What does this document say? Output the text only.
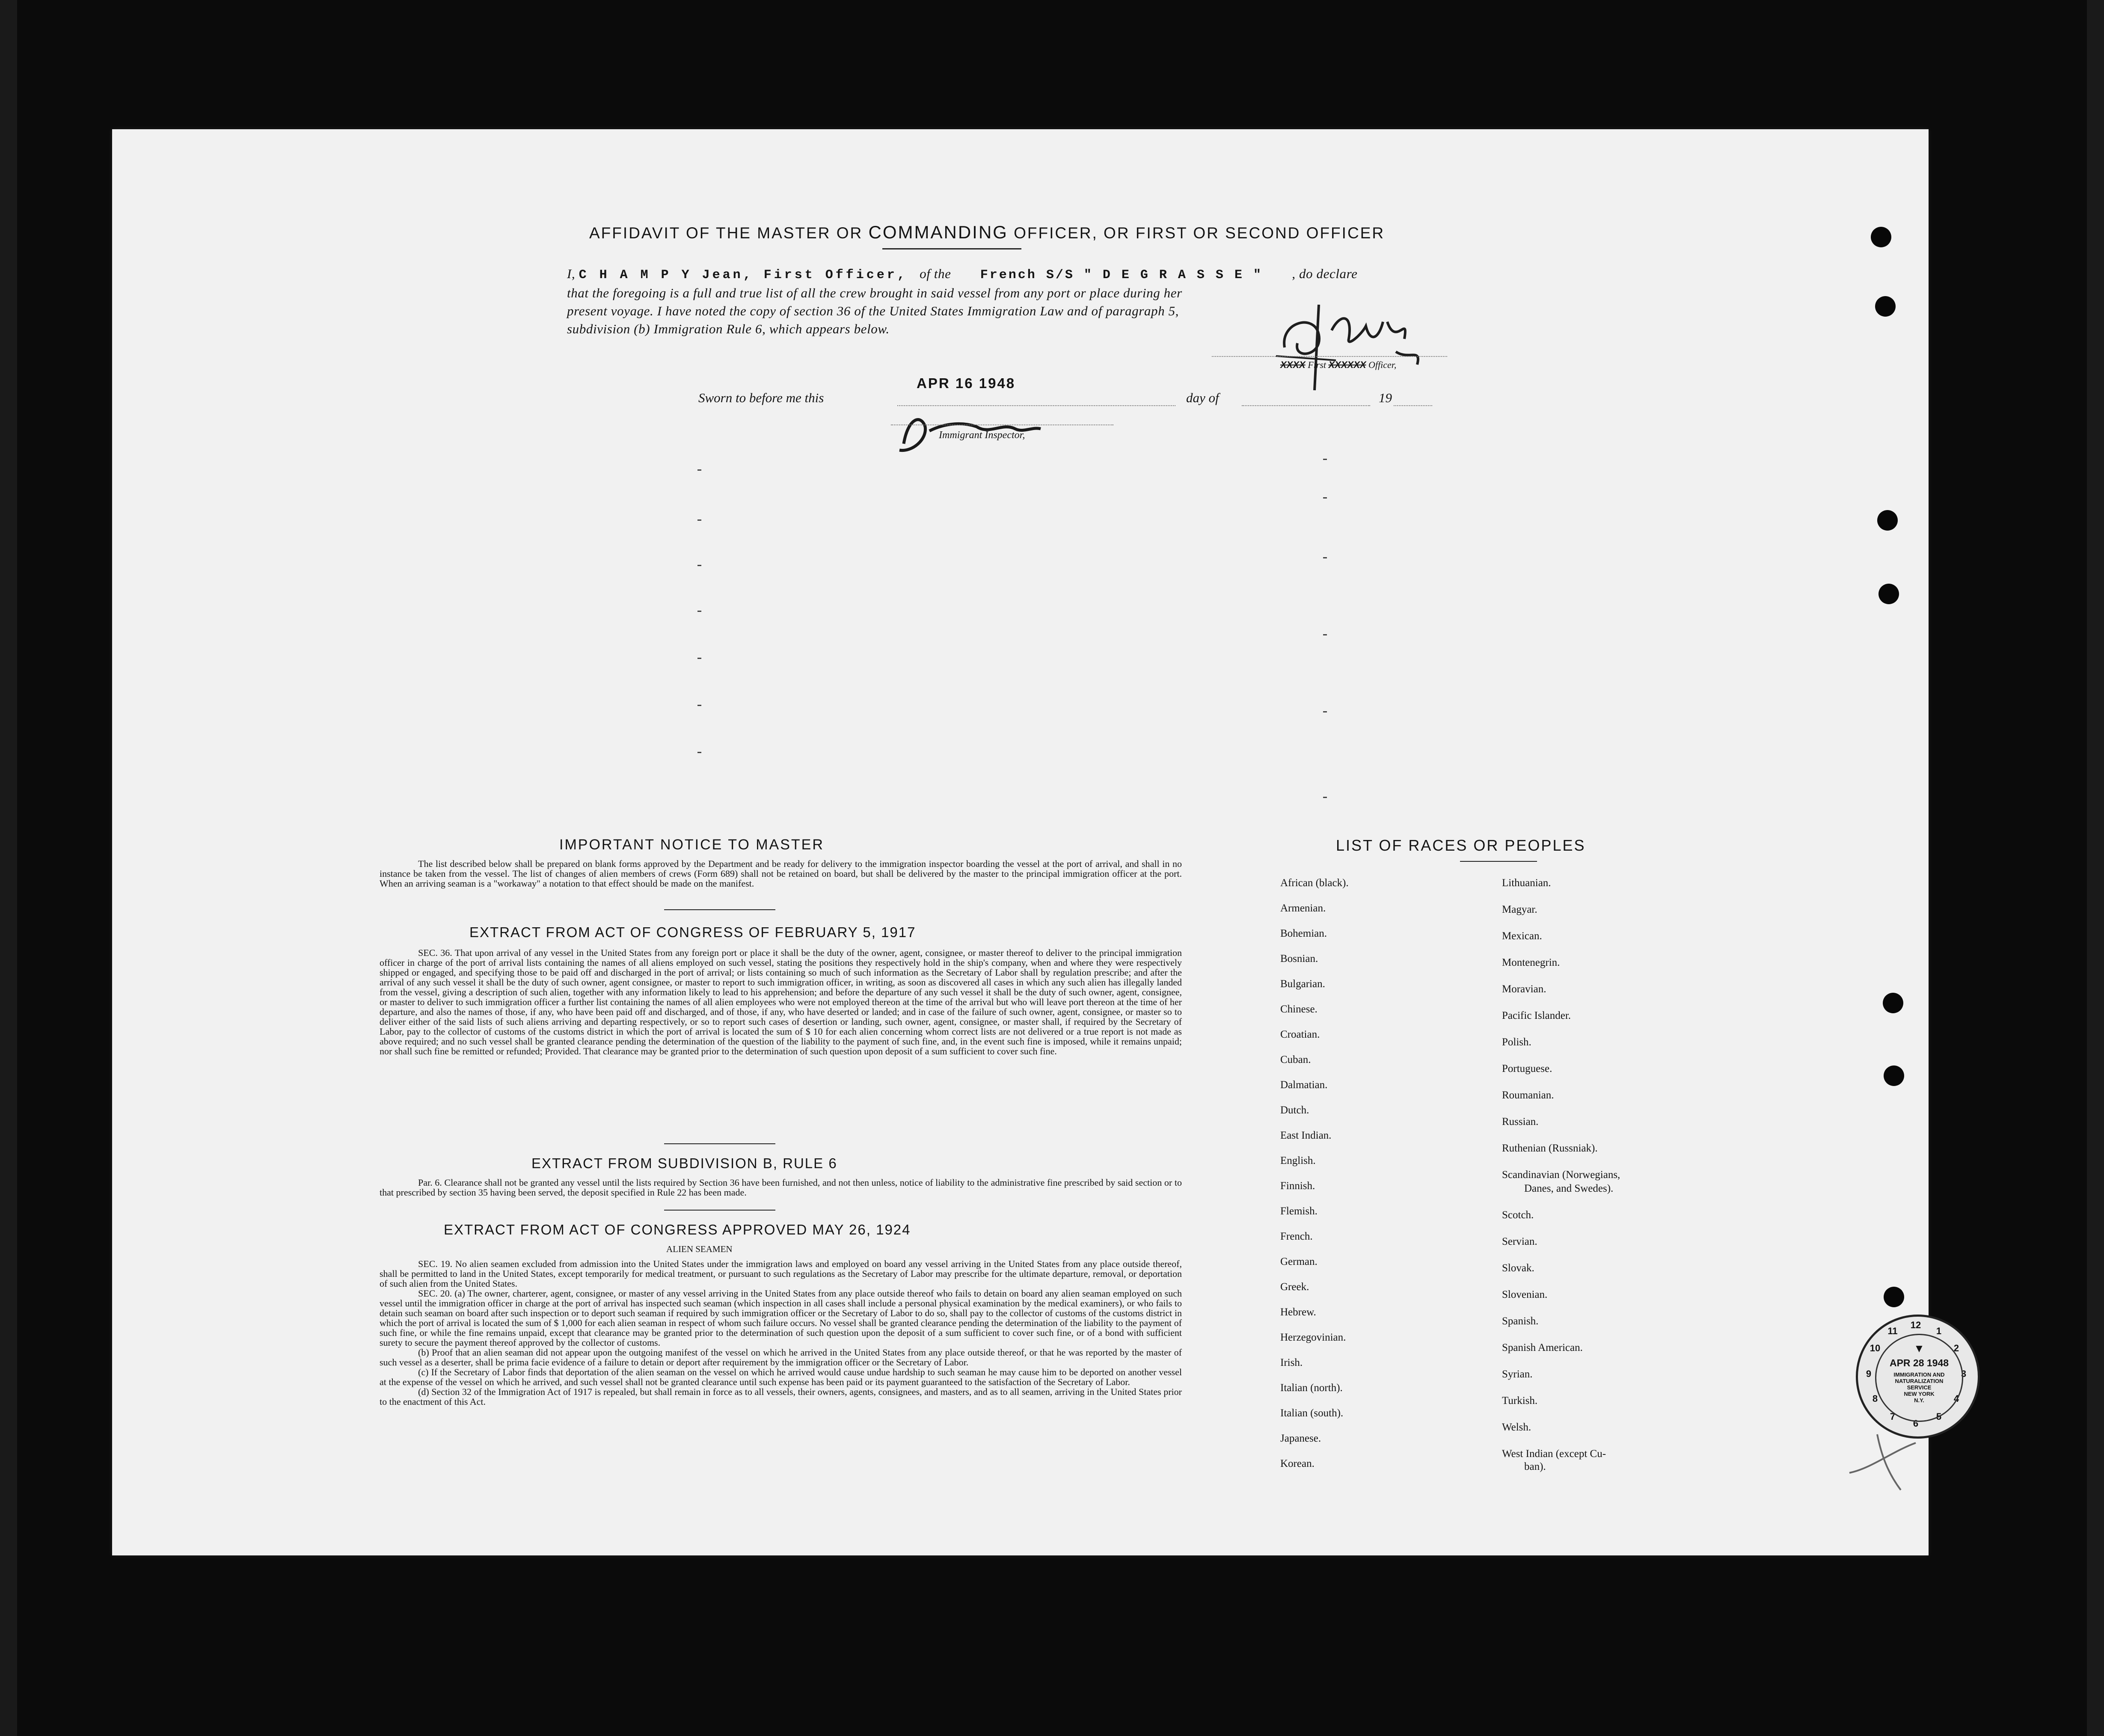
AFFIDAVIT OF THE MASTER OR COMMANDING OFFICER, OR FIRST OR SECOND OFFICER
I, C H A M P Y Jean, First Officer, of the French S/S " D E G R A S S E " , do declare
that the foregoing is a full and true list of all the crew brought in said vessel from any port or place during her
present voyage. I have noted the copy of section 36 of the United States Immigration Law and of paragraph 5,
subdivision (b) Immigration Rule 6, which appears below.
XXXX First XXXXXX Officer,
APR 16 1948
Sworn to before me this	day of	19
Immigrant Inspector,
IMPORTANT NOTICE TO MASTER
The list described below shall be prepared on blank forms approved by the Department and be ready for delivery to the immigration inspector boarding the vessel at the port of arrival, and shall in no instance be taken from the vessel. The list of changes of alien members of crews (Form 689) shall not be retained on board, but shall be delivered by the master to the principal immigration officer at the port. When an arriving seaman is a "workaway" a notation to that effect should be made on the manifest.
EXTRACT FROM ACT OF CONGRESS OF FEBRUARY 5, 1917
SEC. 36. That upon arrival of any vessel in the United States from any foreign port or place it shall be the duty of the owner, agent, consignee, or master thereof to deliver to the principal immigration officer in charge of the port of arrival lists containing the names of all aliens employed on such vessel, stating the positions they respectively hold in the ship's company, when and where they were respectively shipped or engaged, and specifying those to be paid off and discharged in the port of arrival; or lists containing so much of such information as the Secretary of Labor shall by regulation prescribe; and after the arrival of any such vessel it shall be the duty of such owner, agent consignee, or master to report to such immigration officer, in writing, as soon as discovered all cases in which any such alien has illegally landed from the vessel, giving a description of such alien, together with any information likely to lead to his apprehension; and before the departure of any such vessel it shall be the duty of such owner, agent, consignee, or master to deliver to such immigration officer a further list containing the names of all alien employees who were not employed thereon at the time of the arrival but who will leave port thereon at the time of her departure, and also the names of those, if any, who have been paid off and discharged, and of those, if any, who have deserted or landed; and in case of the failure of such owner, agent, consignee, or master so to deliver either of the said lists of such aliens arriving and departing respectively, or so to report such cases of desertion or landing, such owner, agent, consignee, or master shall, if required by the Secretary of Labor, pay to the collector of customs of the customs district in which the port of arrival is located the sum of $ 10 for each alien concerning whom correct lists are not delivered or a true report is not made as above required; and no such vessel shall be granted clearance pending the determination of the question of the liability to the payment of such fine, and, in the event such fine is imposed, while it remains unpaid; nor shall such fine be remitted or refunded; Provided. That clearance may be granted prior to the determination of such question upon deposit of a sum sufficient to cover such fine.
EXTRACT FROM SUBDIVISION B, RULE 6
Par. 6. Clearance shall not be granted any vessel until the lists required by Section 36 have been furnished, and not then unless, notice of liability to the administrative fine prescribed by said section or to that prescribed by section 35 having been served, the deposit specified in Rule 22 has been made.
EXTRACT FROM ACT OF CONGRESS APPROVED MAY 26, 1924
ALIEN SEAMEN
SEC. 19. No alien seamen excluded from admission into the United States under the immigration laws and employed on board any vessel arriving in the United States from any place outside thereof, shall be permitted to land in the United States, except temporarily for medical treatment, or pursuant to such regulations as the Secretary of Labor may prescribe for the ultimate departure, removal, or deportation of such alien from the United States.
SEC. 20. (a) The owner, charterer, agent, consignee, or master of any vessel arriving in the United States from any place outside thereof who fails to detain on board any alien seaman employed on such vessel until the immigration officer in charge at the port of arrival has inspected such seaman (which inspection in all cases shall include a personal physical examination by the medical examiners), or who fails to detain such seaman on board after such inspection or to deport such seaman if required by such immigration officer or the Secretary of Labor to do so, shall pay to the collector of customs of the customs district in which the port of arrival is located the sum of $ 1,000 for each alien seaman in respect of whom such failure occurs. No vessel shall be granted clearance pending the determination of the liability to the payment of such fine, or while the fine remains unpaid, except that clearance may be granted prior to the determination of such question upon the deposit of a sum sufficient to cover such fine, or of a bond with sufficient surety to secure the payment thereof approved by the collector of customs.
(b) Proof that an alien seaman did not appear upon the outgoing manifest of the vessel on which he arrived in the United States from any place outside thereof, or that he was reported by the master of such vessel as a deserter, shall be prima facie evidence of a failure to detain or deport after requirement by the immigration officer or the Secretary of Labor.
(c) If the Secretary of Labor finds that deportation of the alien seaman on the vessel on which he arrived would cause undue hardship to such seaman he may cause him to be deported on another vessel at the expense of the vessel on which he arrived, and such vessel shall not be granted clearance until such expense has been paid or its payment guaranteed to the satisfaction of the Secretary of Labor.
(d) Section 32 of the Immigration Act of 1917 is repealed, but shall remain in force as to all vessels, their owners, agents, consignees, and masters, and as to all seamen, arriving in the United States prior to the enactment of this Act.
LIST OF RACES OR PEOPLES
African (black).
Armenian.
Bohemian.
Bosnian.
Bulgarian.
Chinese.
Croatian.
Cuban.
Dalmatian.
Dutch.
East Indian.
English.
Finnish.
Flemish.
French.
German.
Greek.
Hebrew.
Herzegovinian.
Irish.
Italian (north).
Italian (south).
Japanese.
Korean.
Lithuanian.
Magyar.
Mexican.
Montenegrin.
Moravian.
Pacific Islander.
Polish.
Portuguese.
Roumanian.
Russian.
Ruthenian (Russniak).
Scandinavian (Norwegians,
Danes, and Swedes).
Scotch.
Servian.
Slovak.
Slovenian.
Spanish.
Spanish American.
Syrian.
Turkish.
Welsh.
West Indian (except Cu-
ban).
12
1
2
3
4
5
6
7
8
9
10
11
▼
APR 28 1948
IMMIGRATION AND
NATURALIZATION
SERVICE
NEW YORK
N.Y.
